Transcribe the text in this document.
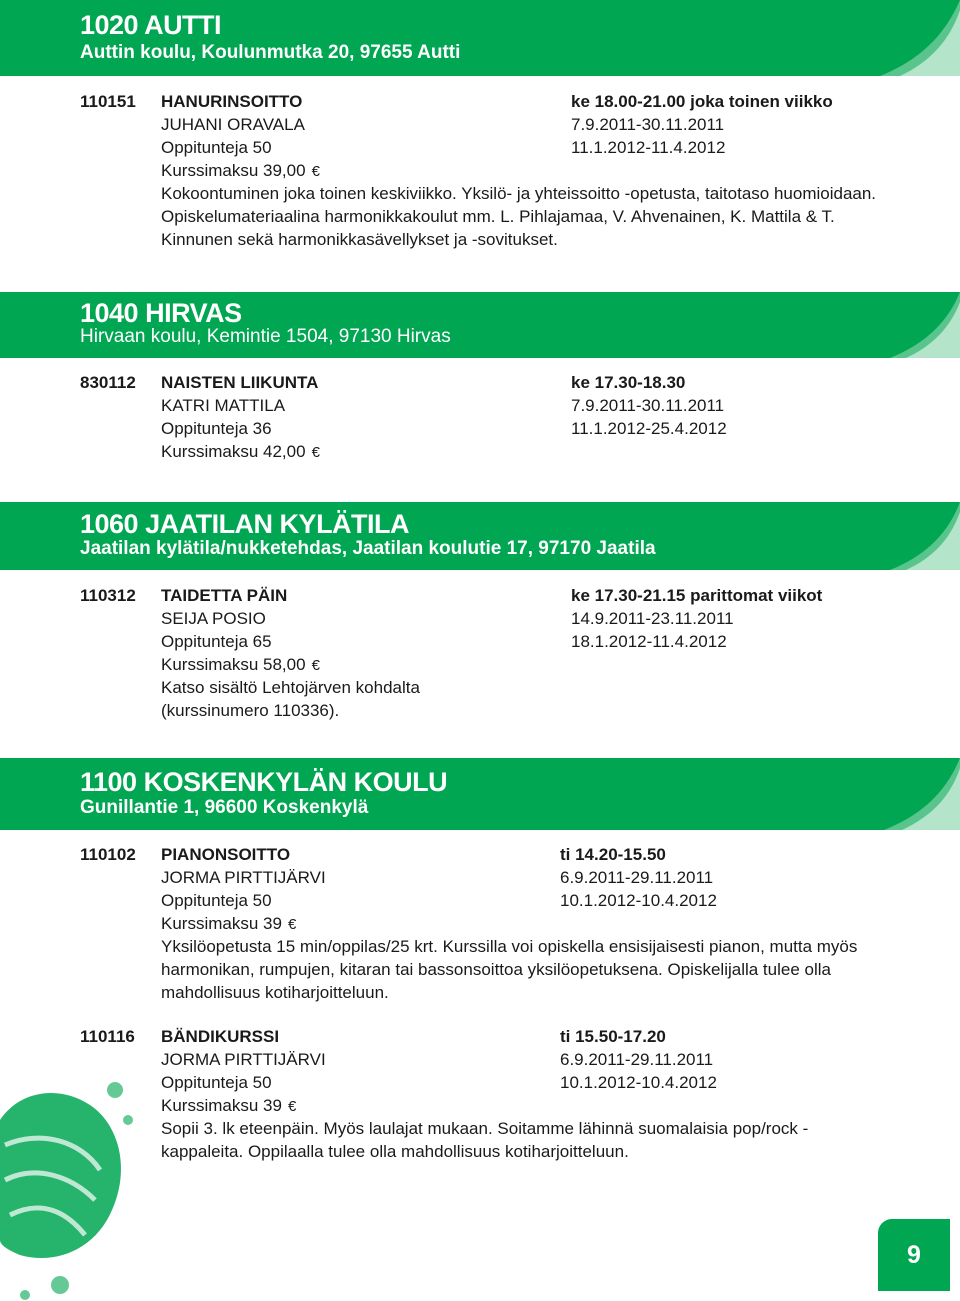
1020 AUTTI
Auttin koulu, Koulunmutka 20, 97655 Autti
110151 HANURINSOITTO	ke 18.00-21.00 joka toinen viikko
JUHANI ORAVALA	7.9.2011-30.11.2011
Oppitunteja 50	11.1.2012-11.4.2012
Kurssimaksu 39,00 €
Kokoontuminen joka toinen keskiviikko. Yksilö- ja yhteissoitto -opetusta, taitotaso huomioidaan. Opiskelumateriaalina harmonikkakoulut mm. L. Pihlajamaa, V. Ahvenainen, K. Mattila & T. Kinnunen sekä harmonikkasävellykset ja -sovitukset.
1040 HIRVAS
Hirvaan koulu, Kemintie 1504, 97130 Hirvas
830112 NAISTEN LIIKUNTA	ke 17.30-18.30
KATRI MATTILA	7.9.2011-30.11.2011
Oppitunteja 36	11.1.2012-25.4.2012
Kurssimaksu 42,00 €
1060 JAATILAN KYLÄTILA
Jaatilan kylätila/nukketehdas, Jaatilan koulutie 17, 97170 Jaatila
110312 TAIDETTA PÄIN	ke 17.30-21.15 parittomat viikot
SEIJA POSIO	14.9.2011-23.11.2011
Oppitunteja 65	18.1.2012-11.4.2012
Kurssimaksu 58,00 €
Katso sisältö Lehtojärven kohdalta (kurssinumero 110336).
1100 KOSKENKYLÄN KOULU
Gunillantie 1, 96600 Koskenkylä
110102 PIANONSOITTO	ti 14.20-15.50
JORMA PIRTTIJÄRVI	6.9.2011-29.11.2011
Oppitunteja 50	10.1.2012-10.4.2012
Kurssimaksu 39 €
Yksilöopetusta 15 min/oppilas/25 krt. Kurssilla voi opiskella ensisijaisesti pianon, mutta myös harmonikan, rumpujen, kitaran tai bassonsoittoa yksilöopetuksena. Opiskelijalla tulee olla mahdollisuus kotiharjoitteluun.
110116 BÄNDIKURSSI	ti 15.50-17.20
JORMA PIRTTIJÄRVI	6.9.2011-29.11.2011
Oppitunteja 50	10.1.2012-10.4.2012
Kurssimaksu 39 €
Sopii 3. lk eteenpäin. Myös laulajat mukaan. Soitamme lähinnä suomalaisia pop/rock -kappaleita. Oppilaalla tulee olla mahdollisuus kotiharjoitteluun.
9
